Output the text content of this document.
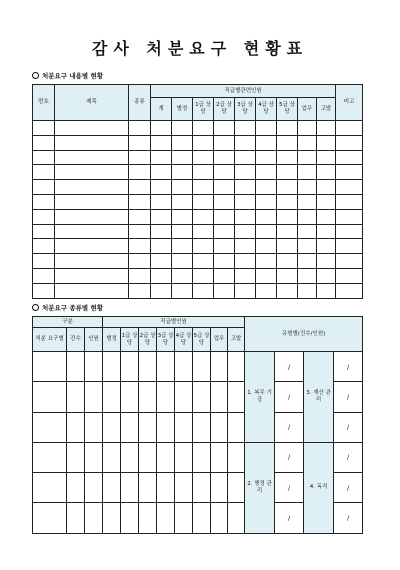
감사 처분요구 현황표
처분요구 내용별 현황
번호	제목	종류	직급별관련인원									비고
			계	별정	1급 상당	2급 상당	3급 상당	4급 상당	5급 상당	업무	고발	

처분요구 종류별 현황
구분			직급별인원								유형별(건수/인원)			
처분 요구별	건수	인원	별정	1급 상당	2급 상당	3급 상당	4급 상당	5급 상당	업무	고발				
											1. 복무 기강	/	3. 재산 관리	/
												/		/
												/		/
											2. 행정 관리	/	4. 독직	/
												/		/
												/		/
